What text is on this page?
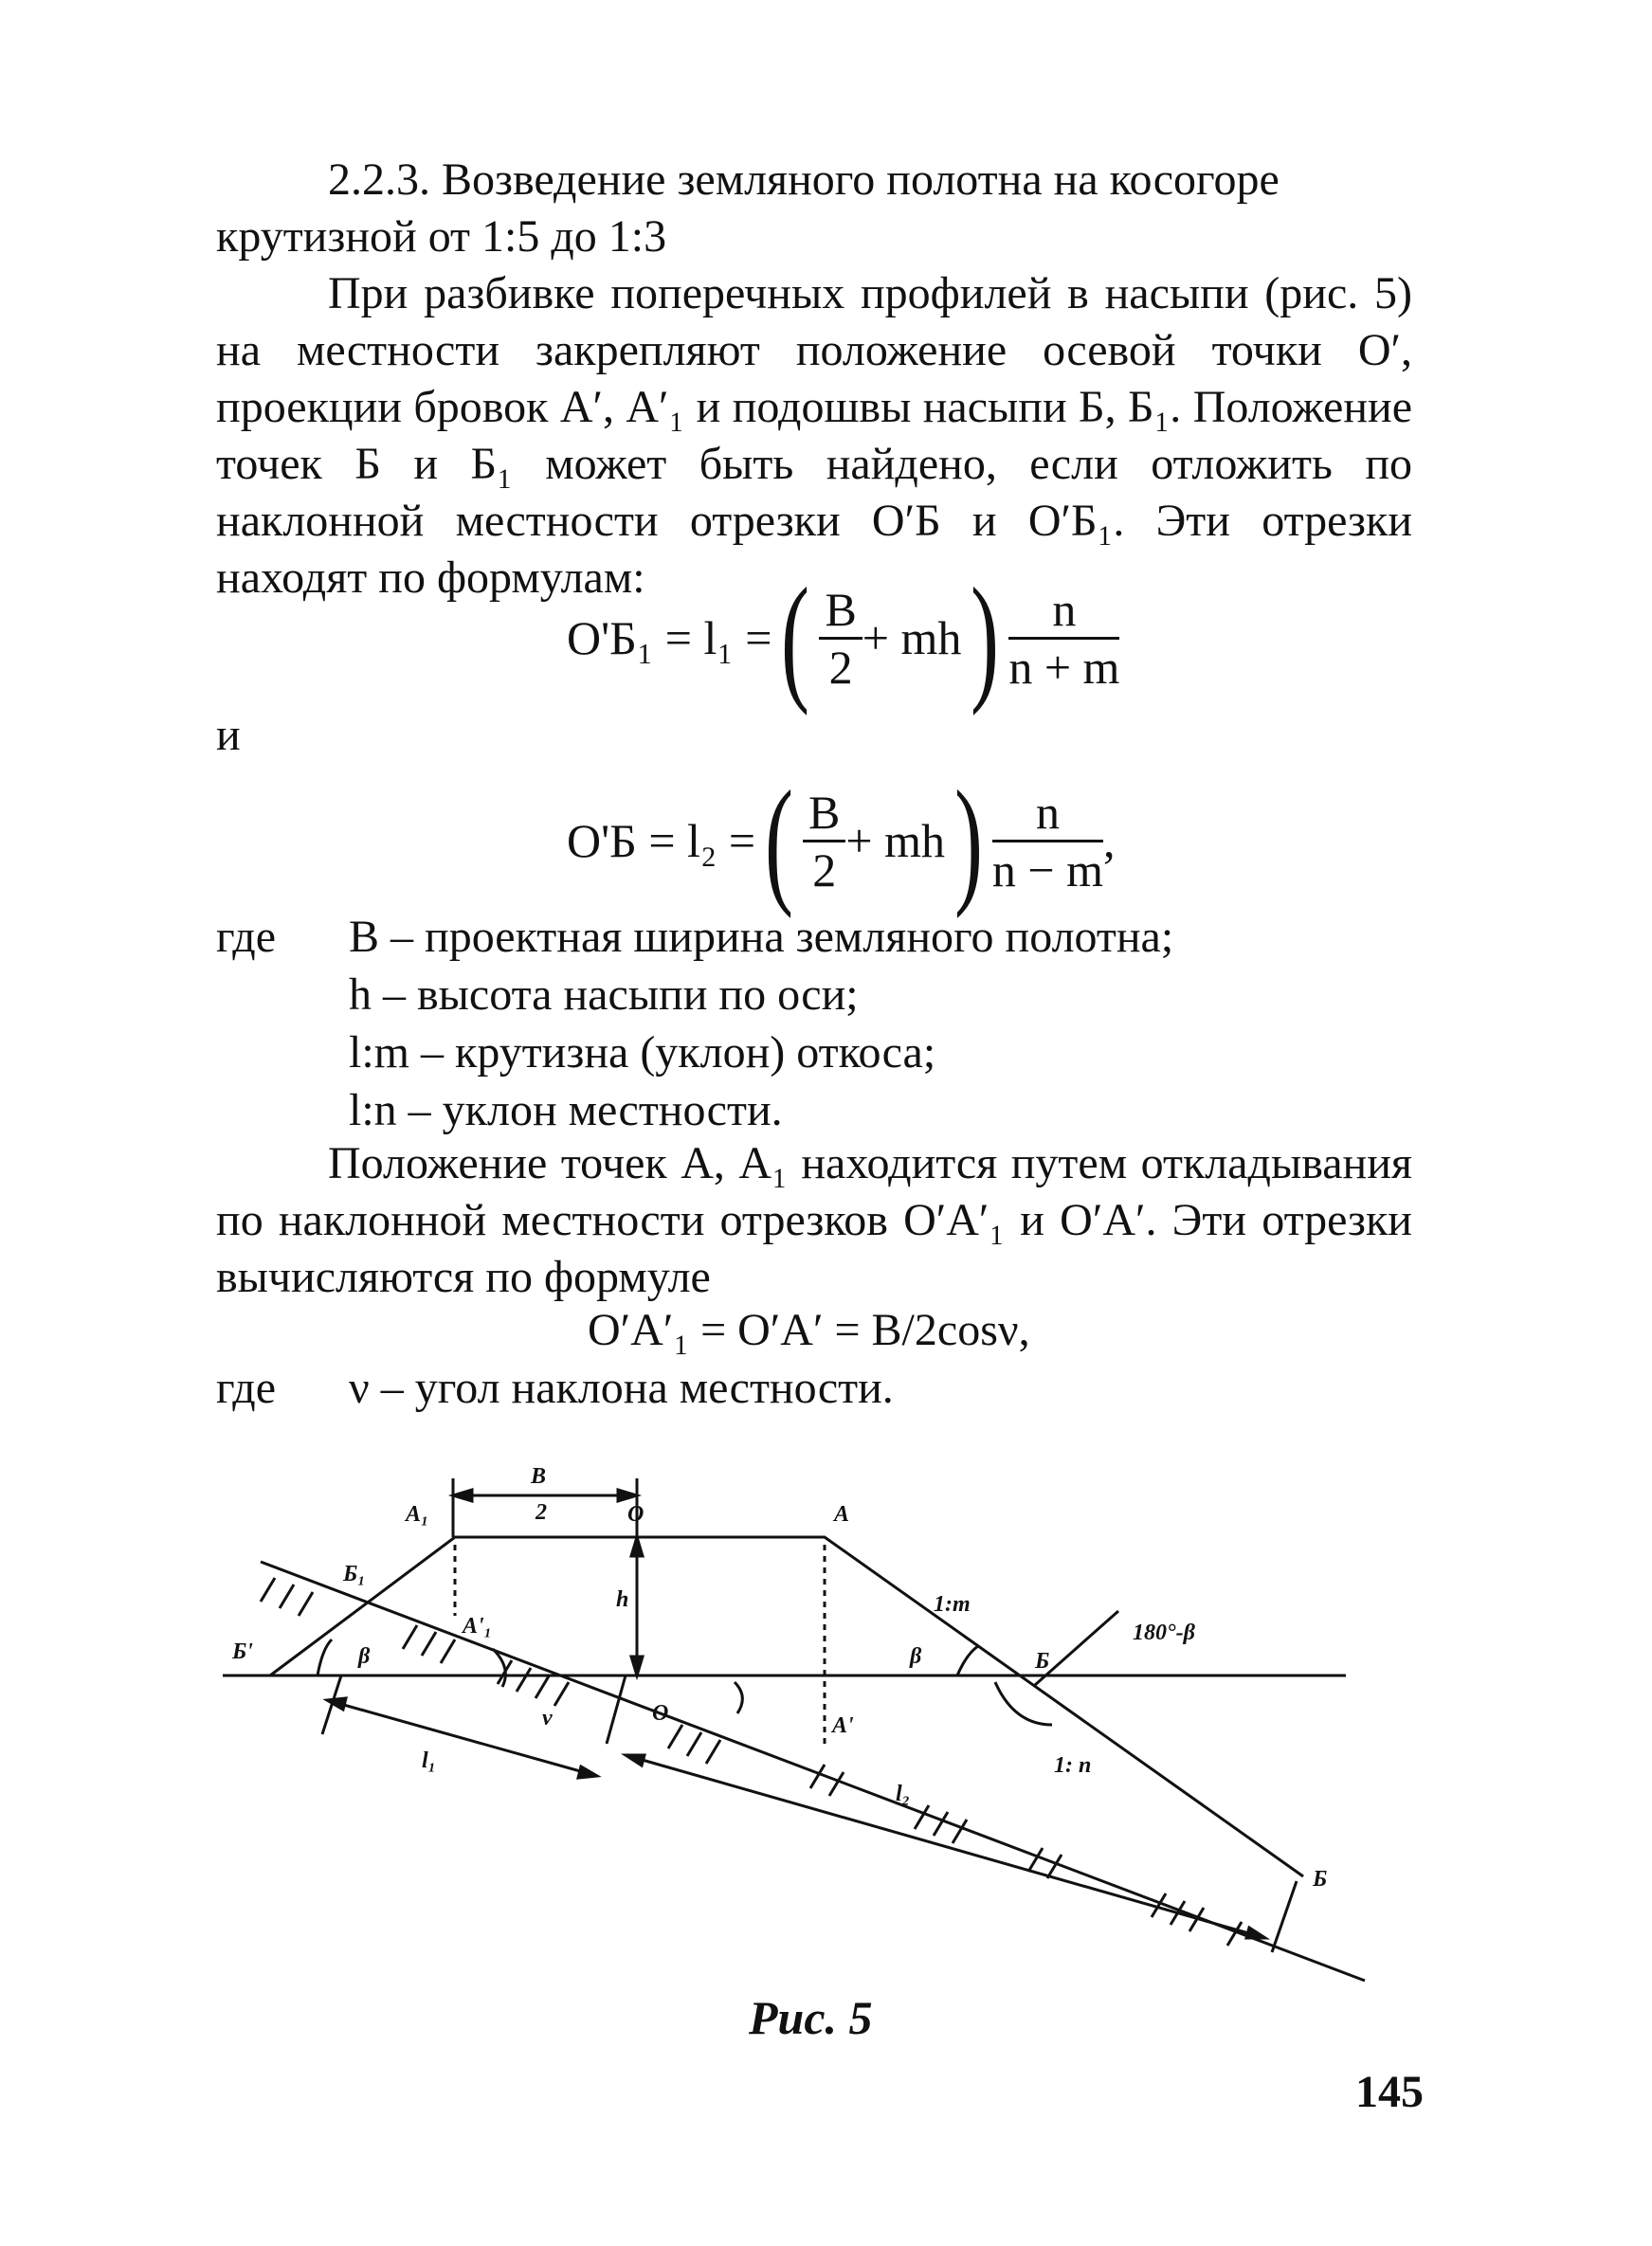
2.2.3. Возведение земляного полотна на косогоре крутизной от 1:5 до 1:3
При разбивке поперечных профилей в насыпи (рис. 5) на местности закрепляют положение осевой точки О′, проекции бровок А′, А′₁ и подошвы насыпи Б, Б₁. Положение точек Б и Б₁ может быть найдено, если отложить по наклонной местности отрезки О′Б и О′Б₁. Эти отрезки находят по формулам:
О'Б₁ = l₁ = ( $\frac{B}{2}$ + mh ) $\frac{n}{n + m}$
и
О'Б = l₂ = ( $\frac{B}{2}$ + mh ) $\frac{n}{n - m}$ ,
где В – проектная ширина земляного полотна;
h – высота насыпи по оси;
l:m – крутизна (уклон) откоса;
l:n – уклон местности.
Положение точек А, А₁ находится путем откладывания по наклонной местности отрезков О′А′₁ и О′А′. Эти отрезки вычисляются по формуле
О′А′₁ = О′А′ = В/2cosν,
где ν – угол наклона местности.
B
2
A₁	O	A
Б₁
Б'
A'₁
h	1:m
180°-β
β	β	Б
ν	O	A'
1: n
l₁
l₂
Б
Рис. 5
145
